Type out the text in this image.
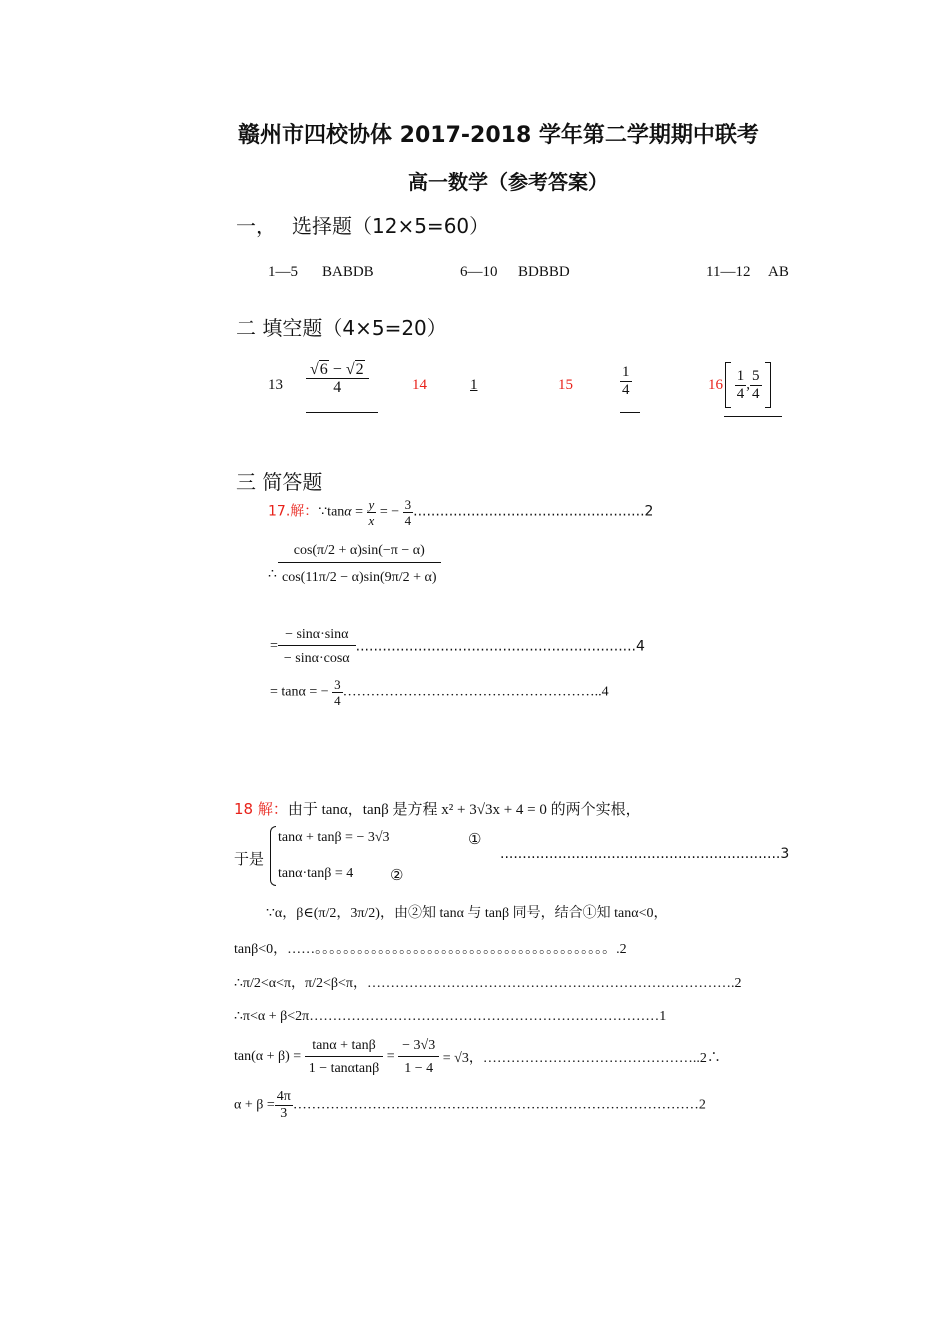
赣州市四校协体 2017-2018 学年第二学期期中联考
高一数学（参考答案）
一， 选择题（12×5=60）
1—5 BABDB	6—10 BDBBD	11—12 AB
二 填空题（4×5=20）
$13 \frac{√6 - √2}{4}$	14	1	15	$\frac{1}{4}$	16
$\frac{1}{4}$ , $\frac{5}{4}$

三 简答题
17.解：∵tanα = $\frac{y}{x}$ = − $\frac{3}{4} ....................................................2$
∴ $\frac{\cos(\pi/2 + \alpha)\sin(-\pi - \alpha)}{\cos(11\pi/2 - \alpha)\sin(9\pi/2 + \alpha)}$
= $\frac{- \sin\alpha\cdot\sin\alpha}{- \sin\alpha\cdot\cos\alpha} ...............................................................4$
= tanα = − $\frac{3}{4}$ ………………………………………………..4
18 解：由于 tanα，tanβ 是方程 x² + 3√3x + 4 = 0 的两个实根，
于是
tanα + tanβ = − 3√3	①
tanα·tanβ = 4 ②
...............................................................3
∵α，β∈(π/2，3π/2)，由②知 tanα 与 tanβ 同号，结合①知 tanα<0，
tanβ<0，……。。。。。。。。。。。。。。。。。。。。。。。。。。。。。。。。。。。。。。。。。。.2
∴π/2<α<π，π/2<β<π，…………………………………………………………………….2
∴π<α + β<2π…………………………………………………………………1
$\tan(\alpha + \beta) = \frac{\tan\alpha + \tan\beta}{1 - \tan\alpha\tan\beta} = \frac{- 3√3}{1 - 4} = √3$，………………………………………..2∴
$\alpha + \beta = \frac{4\pi}{3}$ ……………………………………………………………………………2
